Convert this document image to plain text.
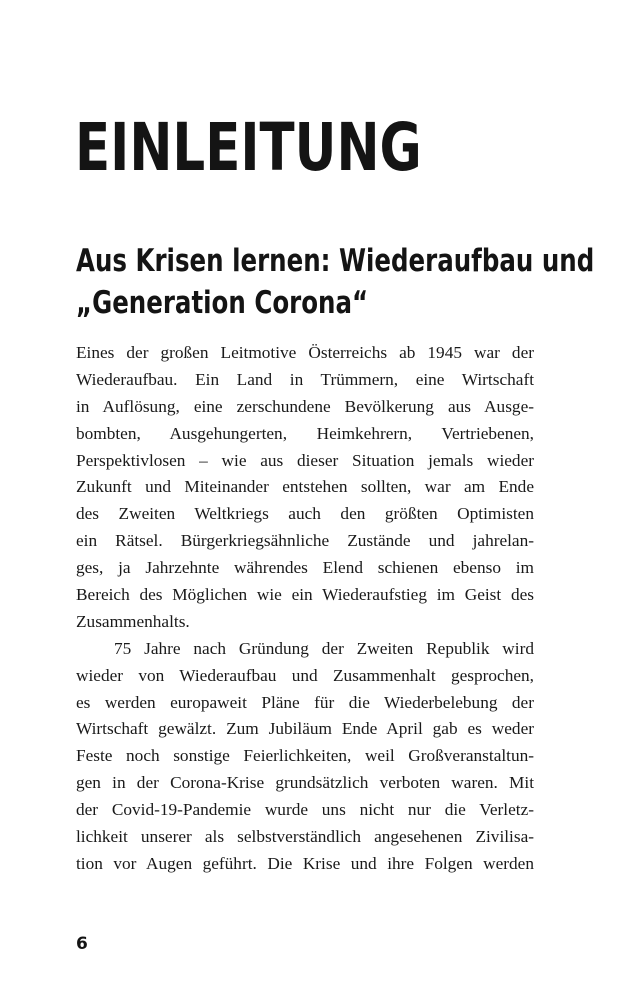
EINLEITUNG
Aus Krisen lernen: Wiederaufbau und
„Generation Corona“
Eines der großen Leitmotive Österreichs ab 1945 war der
Wiederaufbau. Ein Land in Trümmern, eine Wirtschaft
in Auflösung, eine zerschundene Bevölkerung aus Ausge-
bombten, Ausgehungerten, Heimkehrern, Vertriebenen,
Perspektivlosen – wie aus dieser Situation jemals wieder
Zukunft und Miteinander entstehen sollten, war am Ende
des Zweiten Weltkriegs auch den größten Optimisten
ein Rätsel. Bürgerkriegsähnliche Zustände und jahrelan-
ges, ja Jahrzehnte währendes Elend schienen ebenso im
Bereich des Möglichen wie ein Wiederaufstieg im Geist des
Zusammenhalts.
75 Jahre nach Gründung der Zweiten Republik wird
wieder von Wiederaufbau und Zusammenhalt gesprochen,
es werden europaweit Pläne für die Wiederbelebung der
Wirtschaft gewälzt. Zum Jubiläum Ende April gab es weder
Feste noch sonstige Feierlichkeiten, weil Großveranstaltun-
gen in der Corona-Krise grundsätzlich verboten waren. Mit
der Covid-19-Pandemie wurde uns nicht nur die Verletz-
lichkeit unserer als selbstverständlich angesehenen Zivilisa-
tion vor Augen geführt. Die Krise und ihre Folgen werden
6
